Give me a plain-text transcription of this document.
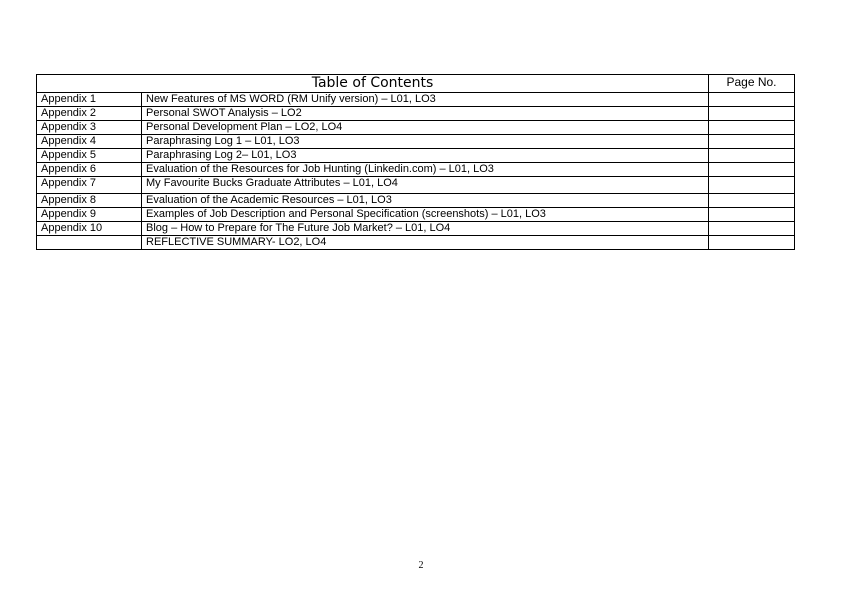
Table of Contents		Page No.
Appendix 1	New Features of MS WORD (RM Unify version) – L01, LO3	
Appendix 2	Personal SWOT Analysis – LO2	
Appendix 3	Personal Development Plan – LO2, LO4	
Appendix 4	Paraphrasing Log 1 – L01, LO3	
Appendix 5	Paraphrasing Log 2– L01, LO3	
Appendix 6	Evaluation of the Resources for Job Hunting (Linkedin.com) – L01, LO3	
Appendix 7	My Favourite Bucks Graduate Attributes – L01, LO4	
Appendix 8	Evaluation of the Academic Resources – L01, LO3	
Appendix 9	Examples of Job Description and Personal Specification (screenshots) – L01, LO3	
Appendix 10	Blog – How to Prepare for The Future Job Market? – L01, LO4	
	REFLECTIVE SUMMARY- LO2, LO4	
2
